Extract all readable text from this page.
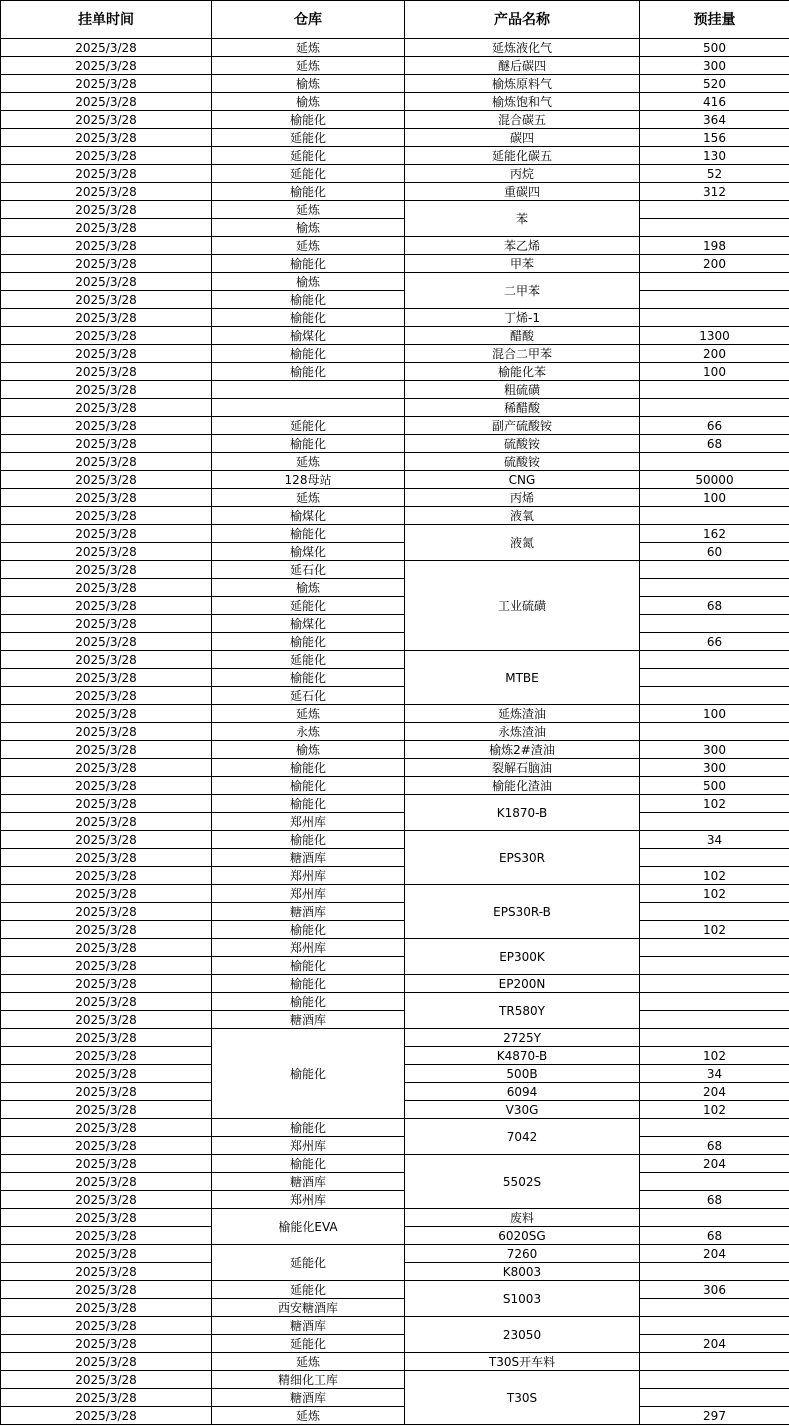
挂单时间	仓库	产品名称	预挂量
2025/3/28	延炼	延炼液化气	500
2025/3/28	延炼	醚后碳四	300
2025/3/28	榆炼	榆炼原料气	520
2025/3/28	榆炼	榆炼饱和气	416
2025/3/28	榆能化	混合碳五	364
2025/3/28	延能化	碳四	156
2025/3/28	延能化	延能化碳五	130
2025/3/28	延能化	丙烷	52
2025/3/28	榆能化	重碳四	312
2025/3/28	延炼	苯	
2025/3/28	榆炼		
2025/3/28	延炼	苯乙烯	198
2025/3/28	榆能化	甲苯	200
2025/3/28	榆炼	二甲苯	
2025/3/28	榆能化		
2025/3/28	榆能化	丁烯-1	
2025/3/28	榆煤化	醋酸	1300
2025/3/28	榆能化	混合二甲苯	200
2025/3/28	榆能化	榆能化苯	100
2025/3/28		粗硫磺	
2025/3/28		稀醋酸	
2025/3/28	延能化	副产硫酸铵	66
2025/3/28	榆能化	硫酸铵	68
2025/3/28	延炼	硫酸铵	
2025/3/28	128母站	CNG	50000
2025/3/28	延炼	丙烯	100
2025/3/28	榆煤化	液氧	
2025/3/28	榆能化	液氮	162
2025/3/28	榆煤化		60
2025/3/28	延石化	工业硫磺	
2025/3/28	榆炼		
2025/3/28	延能化		68
2025/3/28	榆煤化		
2025/3/28	榆能化		66
2025/3/28	延能化	MTBE	
2025/3/28	榆能化		
2025/3/28	延石化		
2025/3/28	延炼	延炼渣油	100
2025/3/28	永炼	永炼渣油	
2025/3/28	榆炼	榆炼2#渣油	300
2025/3/28	榆能化	裂解石脑油	300
2025/3/28	榆能化	榆能化渣油	500
2025/3/28	榆能化	K1870-B	102
2025/3/28	郑州库		
2025/3/28	榆能化	EPS30R	34
2025/3/28	糖酒库		
2025/3/28	郑州库		102
2025/3/28	郑州库	EPS30R-B	102
2025/3/28	糖酒库		
2025/3/28	榆能化		102
2025/3/28	郑州库	EP300K	
2025/3/28	榆能化		
2025/3/28	榆能化	EP200N	
2025/3/28	榆能化	TR580Y	
2025/3/28	糖酒库		
2025/3/28	榆能化	2725Y	
2025/3/28		K4870-B	102
2025/3/28		500B	34
2025/3/28		6094	204
2025/3/28		V30G	102
2025/3/28	榆能化	7042	
2025/3/28	郑州库		68
2025/3/28	榆能化	5502S	204
2025/3/28	糖酒库		
2025/3/28	郑州库		68
2025/3/28	榆能化EVA	废料	
2025/3/28		6020SG	68
2025/3/28	延能化	7260	204
2025/3/28		K8003	
2025/3/28	延能化	S1003	306
2025/3/28	西安糖酒库		
2025/3/28	糖酒库	23050	
2025/3/28	延能化		204
2025/3/28	延炼	T30S开车料	
2025/3/28	精细化工库	T30S	
2025/3/28	糖酒库		
2025/3/28	延炼		297
